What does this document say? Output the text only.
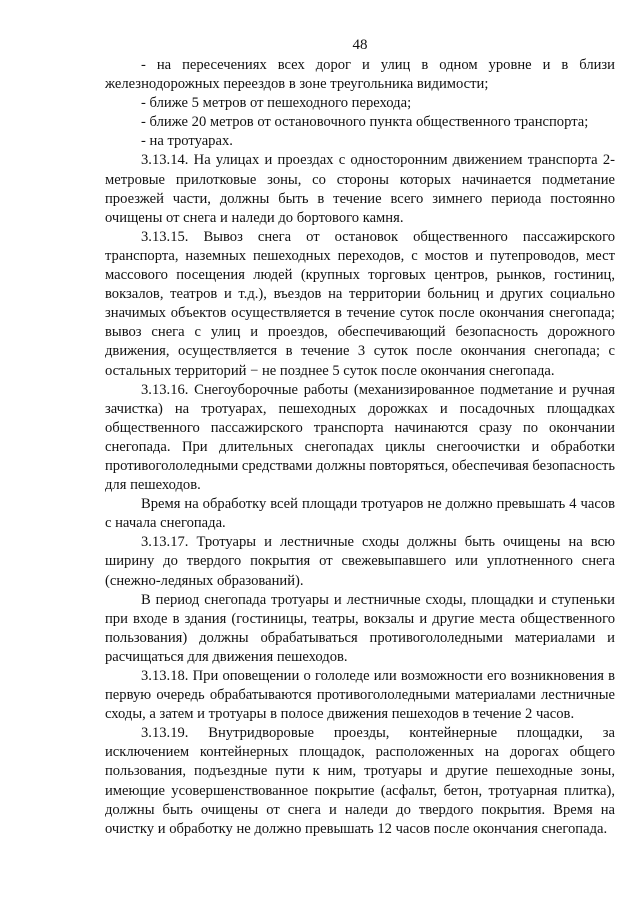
48

- на пересечениях всех дорог и улиц в одном уровне и в близи железнодорожных переездов в зоне треугольника видимости;

- ближе 5 метров от пешеходного перехода;

- ближе 20 метров от остановочного пункта общественного транспорта;

- на тротуарах.

3.13.14. На улицах и проездах с односторонним движением транспорта 2-метровые прилотковые зоны, со стороны которых начинается подметание проезжей части, должны быть в течение всего зимнего периода постоянно очищены от снега и наледи до бортового камня.

3.13.15. Вывоз снега от остановок общественного пассажирского транспорта, наземных пешеходных переходов, с мостов и путепроводов, мест массового посещения людей (крупных торговых центров, рынков, гостиниц, вокзалов, театров и т.д.), въездов на территории больниц и других социально значимых объектов осуществляется в течение суток после окончания снегопада; вывоз снега с улиц и проездов, обеспечивающий безопасность дорожного движения, осуществляется в течение 3 суток после окончания снегопада; с остальных территорий − не позднее 5 суток после окончания снегопада.

3.13.16. Снегоуборочные работы (механизированное подметание и ручная зачистка) на тротуарах, пешеходных дорожках и посадочных площадках общественного пассажирского транспорта начинаются сразу по окончании снегопада. При длительных снегопадах циклы снегоочистки и обработки противогололедными средствами должны повторяться, обеспечивая безопасность для пешеходов.

Время на обработку всей площади тротуаров не должно превышать 4 часов с начала снегопада.

3.13.17. Тротуары и лестничные сходы должны быть очищены на всю ширину до твердого покрытия от свежевыпавшего или уплотненного снега (снежно-ледяных образований).

В период снегопада тротуары и лестничные сходы, площадки и ступеньки при входе в здания (гостиницы, театры, вокзалы и другие места общественного пользования) должны обрабатываться противогололедными материалами и расчищаться для движения пешеходов.

3.13.18. При оповещении о гололеде или возможности его возникновения в первую очередь обрабатываются противогололедными материалами лестничные сходы, а затем и тротуары в полосе движения пешеходов в течение 2 часов.

3.13.19. Внутридворовые проезды, контейнерные площадки, за исключением контейнерных площадок, расположенных на дорогах общего пользования, подъездные пути к ним, тротуары и другие пешеходные зоны, имеющие усовершенствованное покрытие (асфальт, бетон, тротуарная плитка), должны быть очищены от снега и наледи до твердого покрытия. Время на очистку и обработку не должно превышать 12 часов после окончания снегопада.
